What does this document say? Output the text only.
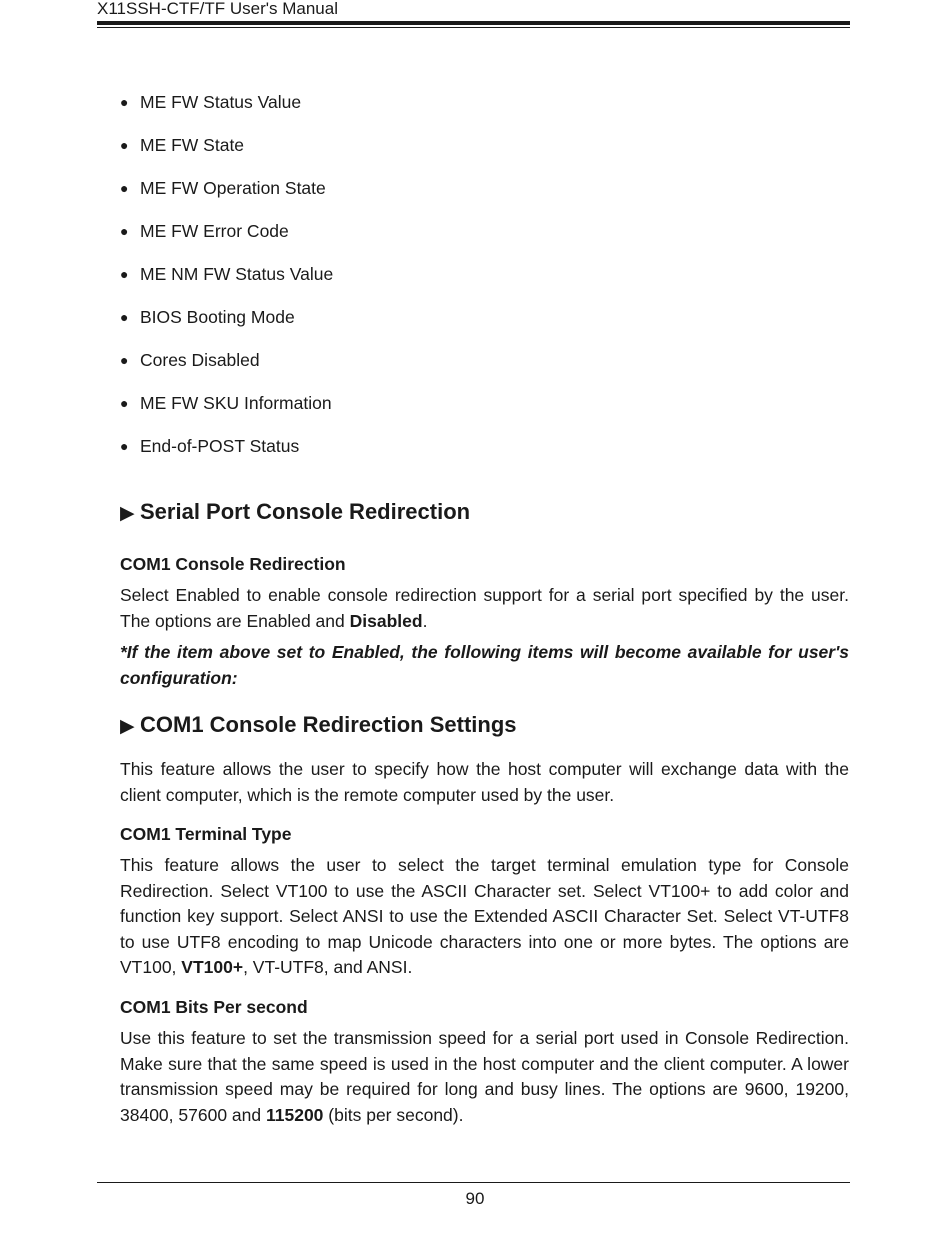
X11SSH-CTF/TF User's Manual
● ME FW Status Value
● ME FW State
● ME FW Operation State
● ME FW Error Code
● ME NM FW Status Value
● BIOS Booting Mode
● Cores Disabled
● ME FW SKU Information
● End-of-POST Status
▶ Serial Port Console Redirection
COM1 Console Redirection

Select Enabled to enable console redirection support for a serial port specified by the user. The options are Enabled and Disabled.

*If the item above set to Enabled, the following items will become available for user's configuration:

▶ COM1 Console Redirection Settings

This feature allows the user to specify how the host computer will exchange data with the client computer, which is the remote computer used by the user.

COM1 Terminal Type

This feature allows the user to select the target terminal emulation type for Console Redirection. Select VT100 to use the ASCII Character set. Select VT100+ to add color and function key support. Select ANSI to use the Extended ASCII Character Set. Select VT-UTF8 to use UTF8 encoding to map Unicode characters into one or more bytes. The options are VT100, VT100+, VT-UTF8, and ANSI.

COM1 Bits Per second

Use this feature to set the transmission speed for a serial port used in Console Redirection. Make sure that the same speed is used in the host computer and the client computer. A lower transmission speed may be required for long and busy lines. The options are 9600, 19200, 38400, 57600 and 115200 (bits per second).

90
